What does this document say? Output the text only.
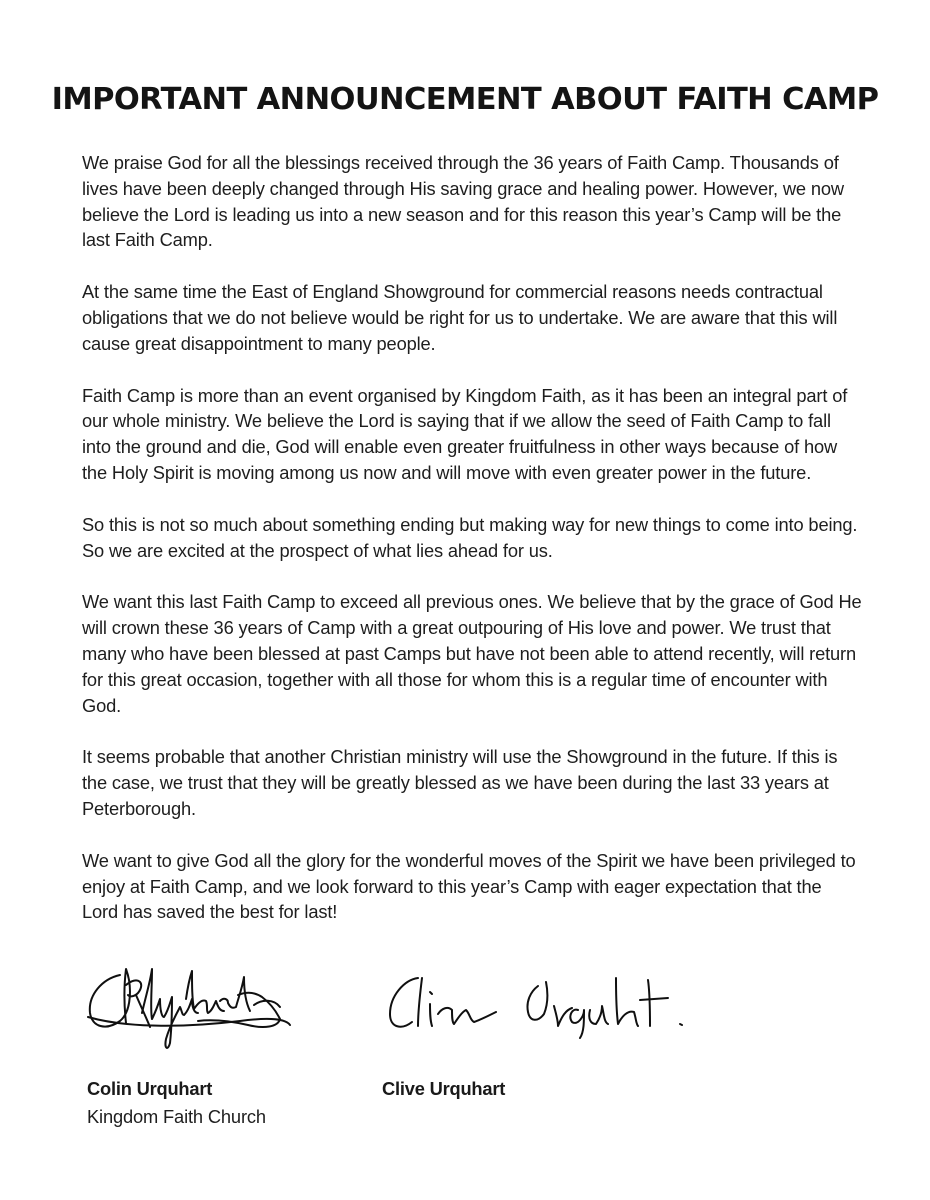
IMPORTANT ANNOUNCEMENT ABOUT FAITH CAMP

We praise God for all the blessings received through the 36 years of Faith Camp. Thousands of lives have been deeply changed through His saving grace and healing power. However, we now believe the Lord is leading us into a new season and for this reason this year’s Camp will be the last Faith Camp.

At the same time the East of England Showground for commercial reasons needs contractual obligations that we do not believe would be right for us to undertake. We are aware that this will cause great disappointment to many people.

Faith Camp is more than an event organised by Kingdom Faith, as it has been an integral part of our whole ministry. We believe the Lord is saying that if we allow the seed of Faith Camp to fall into the ground and die, God will enable even greater fruitfulness in other ways because of how the Holy Spirit is moving among us now and will move with even greater power in the future.

So this is not so much about something ending but making way for new things to come into being. So we are excited at the prospect of what lies ahead for us.

We want this last Faith Camp to exceed all previous ones. We believe that by the grace of God He will crown these 36 years of Camp with a great outpouring of His love and power. We trust that many who have been blessed at past Camps but have not been able to attend recently, will return for this great occasion, together with all those for whom this is a regular time of encounter with God.

It seems probable that another Christian ministry will use the Showground in the future. If this is the case, we trust that they will be greatly blessed as we have been during the last 33 years at Peterborough.

We want to give God all the glory for the wonderful moves of the Spirit we have been privileged to enjoy at Faith Camp, and we look forward to this year’s Camp with eager expectation that the Lord has saved the best for last!

Colin Urquhart
Kingdom Faith Church
Clive Urquhart
